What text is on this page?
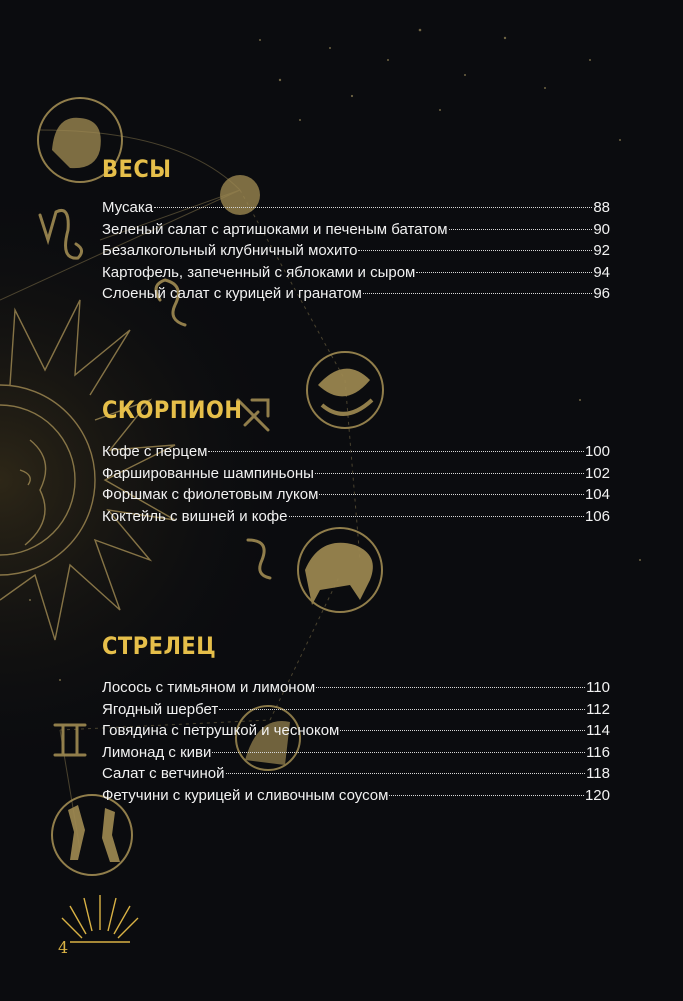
ВЕСЫ
Мусака	88
Зеленый салат с артишоками и печеным бататом	90
Безалкогольный клубничный мохито	92
Картофель, запеченный с яблоками и сыром	94
Слоеный салат с курицей и гранатом	96
СКОРПИОН
Кофе с перцем	100
Фаршированные шампиньоны	102
Форшмак с фиолетовым луком	104
Коктейль с вишней и кофе	106
СТРЕЛЕЦ
Лосось с тимьяном и лимоном	110
Ягодный шербет	112
Говядина с петрушкой и чесноком	114
Лимонад с киви	116
Салат с ветчиной	118
Фетучини с курицей и сливочным соусом	120
4
